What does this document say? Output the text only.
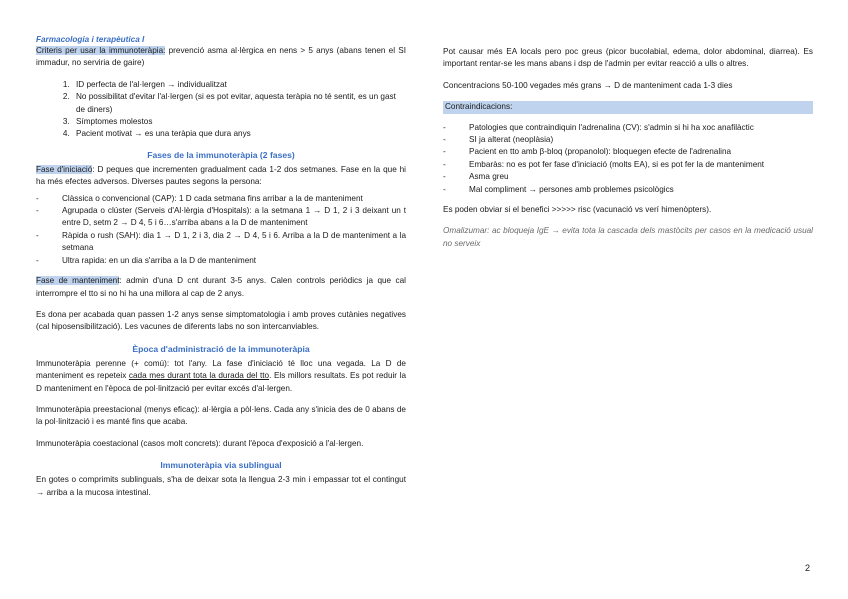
Farmacologia i terapèutica I

Criteris per usar la immunoteràpia: prevenció asma al·lèrgica en nens > 5 anys (abans tenen el SI immadur, no serviria de gaire)

1. ID perfecta de l'al·lergen → individualitzat
2. No possibilitat d'evitar l'al·lergen (si es pot evitar, aquesta teràpia no té sentit, es un gast de diners)
3. Símptomes molestos
4. Pacient motivat → es una teràpia que dura anys
Fases de la immunoteràpia (2 fases)

Fase d'iniciació: D peques que incrementen gradualment cada 1-2 dos setmanes. Fase en la que hi ha més efectes adversos. Diverses pautes segons la persona:

- Clàssica o convencional (CAP): 1 D cada setmana fins arribar a la de manteniment
- Agrupada o clúster (Serveis d'Al·lèrgia d'Hospitals): a la setmana 1 → D 1, 2 i 3 deixant un t entre D, setm 2 → D 4, 5 i 6…s'arriba abans a la D de manteniment
- Ràpida o rush (SAH): dia 1 → D 1, 2 i 3, dia 2 → D 4, 5 i 6. Arriba a la D de manteniment a la setmana
- Ultra rapida: en un dia s'arriba a la D de manteniment

Fase de manteniment: admin d'una D cnt durant 3-5 anys. Calen controls periòdics ja que cal interrompre el tto si no hi ha una millora al cap de 2 anys.

Es dona per acabada quan passen 1-2 anys sense simptomatologia i amb proves cutànies negatives (cal hiposensibilització). Les vacunes de diferents labs no son intercanviables.

Època d'administració de la immunoteràpia

Immunoteràpia perenne (+ comú): tot l'any. La fase d'iniciació té lloc una vegada. La D de manteniment es repeteix cada mes durant tota la durada del tto. Els millors resultats. Es pot reduir la D manteniment en l'època de pol·linització per evitar excés d'al·lergen.

Immunoteràpia preestacional (menys eficaç): al·lèrgia a pòl·lens. Cada any s'inicia des de 0 abans de la pol·linització i es manté fins que acaba.

Immunoteràpia coestacional (casos molt concrets): durant l'època d'exposició a l'al·lergen.

Immunoteràpia via sublingual

En gotes o comprimits sublinguals, s'ha de deixar sota la llengua 2-3 min i empassar tot el contingut → arriba a la mucosa intestinal.

Pot causar més EA locals pero poc greus (picor bucolabial, edema, dolor abdominal, diarrea). Es important rentar-se les mans abans i dsp de l'admin per evitar reacció a ulls o altres.

Concentracions 50-100 vegades més grans → D de manteniment cada 1-3 dies

Contraindicacions:
- Patologies que contraindiquin l'adrenalina (CV): s'admin si hi ha xoc anafilàctic
- SI ja alterat (neoplàsia)
- Pacient en tto amb β-bloq (propanolol): bloquegen efecte de l'adrenalina
- Embaràs: no es pot fer fase d'iniciació (molts EA), si es pot fer la de manteniment
- Asma greu
- Mal compliment → persones amb problemes psicològics

Es poden obviar si el benefici >>>>> risc (vacunació vs verí himenòpters).

Omalizumar: ac bloqueja IgE → evita tota la cascada dels mastòcits per casos en la medicació usual no serveix

2
